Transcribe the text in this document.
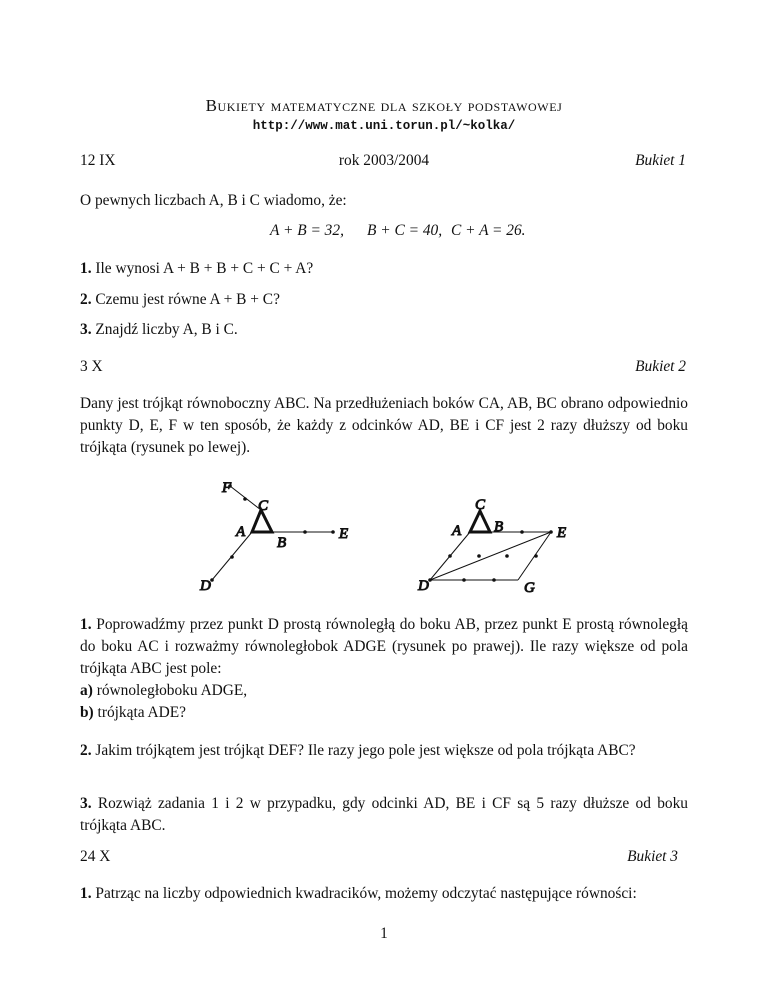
Bukiety matematyczne dla szkoły podstawowej
http://www.mat.uni.torun.pl/~kolka/
12 IX	rok 2003/2004	Bukiet 1
O pewnych liczbach A, B i C wiadomo, że:
A + B = 32, B + C = 40, C + A = 26.
1. Ile wynosi A + B + B + C + C + A?
2. Czemu jest równe A + B + C?
3. Znajdź liczby A, B i C.
3 X	Bukiet 2
Dany jest trójkąt równoboczny ABC. Na przedłużeniach boków CA, AB, BC obrano odpowiednio punkty D, E, F w ten sposób, że każdy z odcinków AD, BE i CF jest 2 razy dłuższy od boku trójkąta (rysunek po lewej).
F
C
A
B
E
D
C
A B	E
D	G
1. Poprowadźmy przez punkt D prostą równoległą do boku AB, przez punkt E prostą równoległą do boku AC i rozważmy równoległobok ADGE (rysunek po prawej). Ile razy większe od pola trójkąta ABC jest pole:
a) równoległoboku ADGE,
b) trójkąta ADE?
2. Jakim trójkątem jest trójkąt DEF? Ile razy jego pole jest większe od pola trójkąta ABC?
3. Rozwiąż zadania 1 i 2 w przypadku, gdy odcinki AD, BE i CF są 5 razy dłuższe od boku trójkąta ABC.
24 X	Bukiet 3
1. Patrząc na liczby odpowiednich kwadracików, możemy odczytać następujące równości:
1
